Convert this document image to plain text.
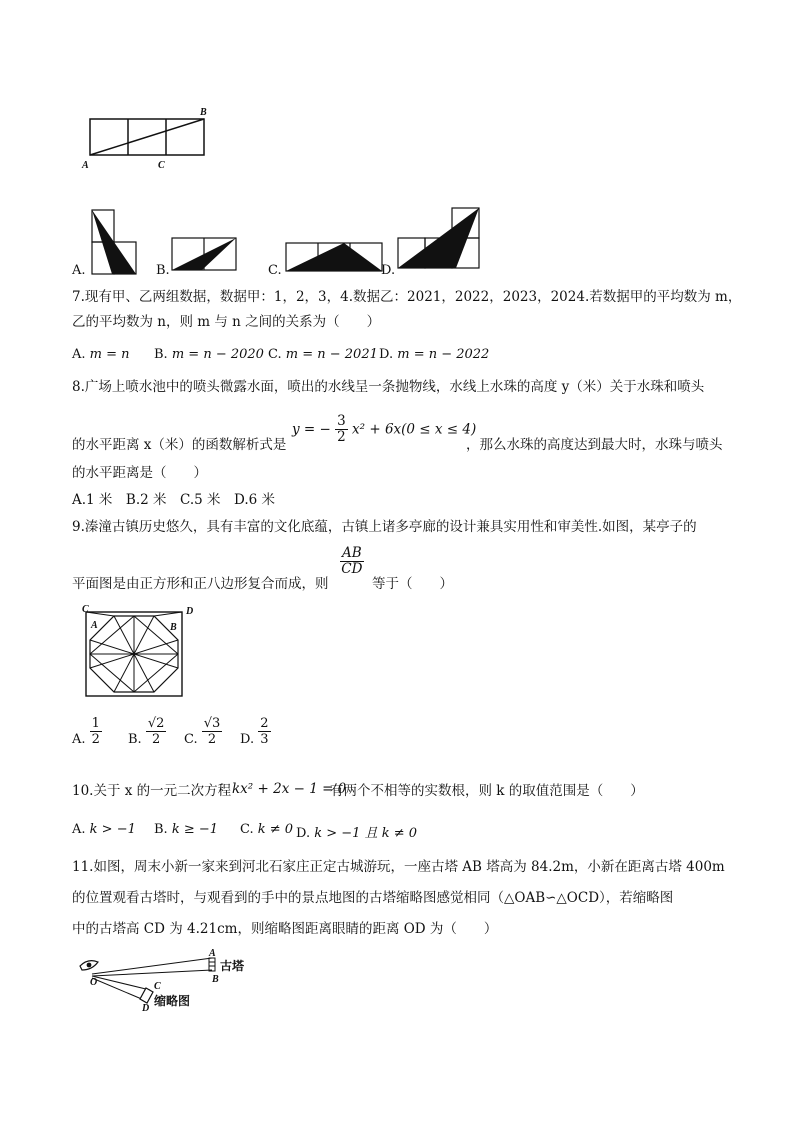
B
A	C
A.	B.	C.	D.
7.现有甲、乙两组数据，数据甲：1，2，3，4.数据乙：2021，2022，2023，2024.若数据甲的平均数为 m，
乙的平均数为 n，则 m 与 n 之间的关系为（　　）
A. m = n B. m = n − 2020 C. m = n − 2021 D. m = n − 2022
8.广场上喷水池中的喷头微露水面，喷出的水线呈一条抛物线，水线上水珠的高度 y（米）关于水珠和喷头
的水平距离 x（米）的函数解析式是
y = − $\frac{3}{2} x^2 + 6x(0 \le x \le 4)$
，那么水珠的高度达到最大时，水珠与喷头
的水平距离是（　　）
A.1 米　B.2 米　C.5 米　D.6 米
9.溱潼古镇历史悠久，具有丰富的文化底蕴，古镇上诸多亭廊的设计兼具实用性和审美性.如图，某亭子的
平面图是由正方形和正八边形复合而成，则
$\frac{AB}{CD}$
等于（　　）
C	D
A	B
A. $\frac{1}{2} B$. $\frac{√2}{2} C$. $\frac{√3}{2} D$. $\frac{2}{3}$
10.关于 x 的一元二次方程 kx² + 2x − 1 = 0
有两个不相等的实数根，则 k 的取值范围是（　　）
A. k > −1 B. k ≥ −1 C. k ≠ 0 D. k > −1 且 k ≠ 0
11.如图，周末小新一家来到河北石家庄正定古城游玩，一座古塔 AB 塔高为 84.2m，小新在距离古塔 400m
的位置观看古塔时，与观看到的手中的景点地图的古塔缩略图感觉相同（△OAB∽△OCD），若缩略图
中的古塔高 CD 为 4.21cm，则缩略图距离眼睛的距离 OD 为（　　）
A
古塔
B
O	C
D
缩略图
